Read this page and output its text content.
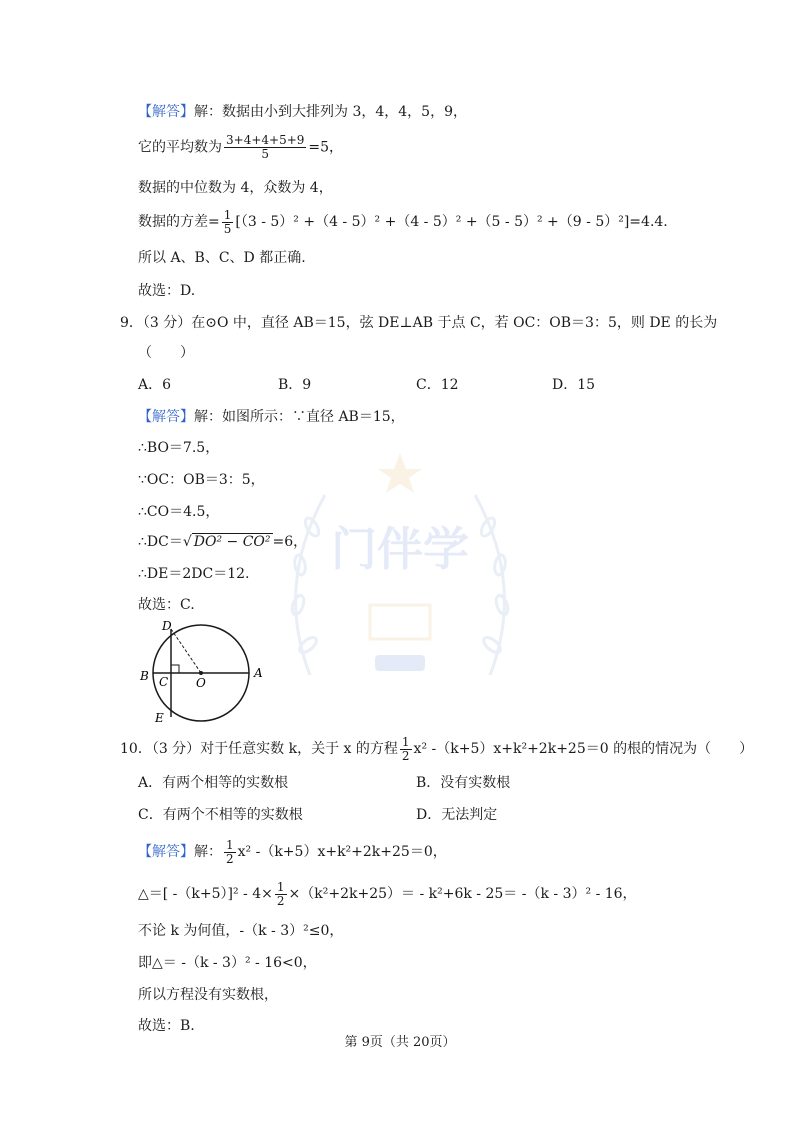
门伴学
【解答】解：数据由小到大排列为 3，4，4，5，9，
它的平均数为 $\frac{3+4+4+5+9}{5} =5$，
数据的中位数为 4，众数为 4，
数据的方差= $\frac{1}{5} [(3 - 5)^2 +(4 - 5)^2 +(4 - 5)^2 +(5 - 5)^2 +(9 - 5)^2]=4.4$.
所以 A、B、C、D 都正确.
故选：D.
9．（3 分）在⊙O 中，直径 AB＝15，弦 DE⊥AB 于点 C，若 OC：OB＝3：5，则 DE 的长为
（　　）
A．6	B．9	C．12	D．15
【解答】解：如图所示：∵直径 AB＝15，
∴BO＝7.5，
∵OC：OB＝3：5，
∴CO＝4.5，
∴DC＝√ DO² − CO² =6，
∴DE＝2DC＝12.
故选：C.
D
B C O
A
E
10．（3 分）对于任意实数 k，关于 x 的方程 $\frac{1}{2} x^2$ -（k+5）x+k²+2k+25＝0 的根的情况为（　　）
A．有两个相等的实数根	B．没有实数根
C．有两个不相等的实数根	D．无法判定
【解答】解： $\frac{1}{2} x^2$ -（k+5）x+k²+2k+25＝0，
△＝[ $-(k+5)]^2 - 4\times \frac{1}{2} \times(k^2+2k+25)= - k^2+6k - 25= -(k - 3)^2 - 16$，
不论 k 为何值，-（k - 3）²≤0，
即△＝ -（k - 3）² - 16<0，
所以方程没有实数根，
故选：B.
第 9页（共 20页）
